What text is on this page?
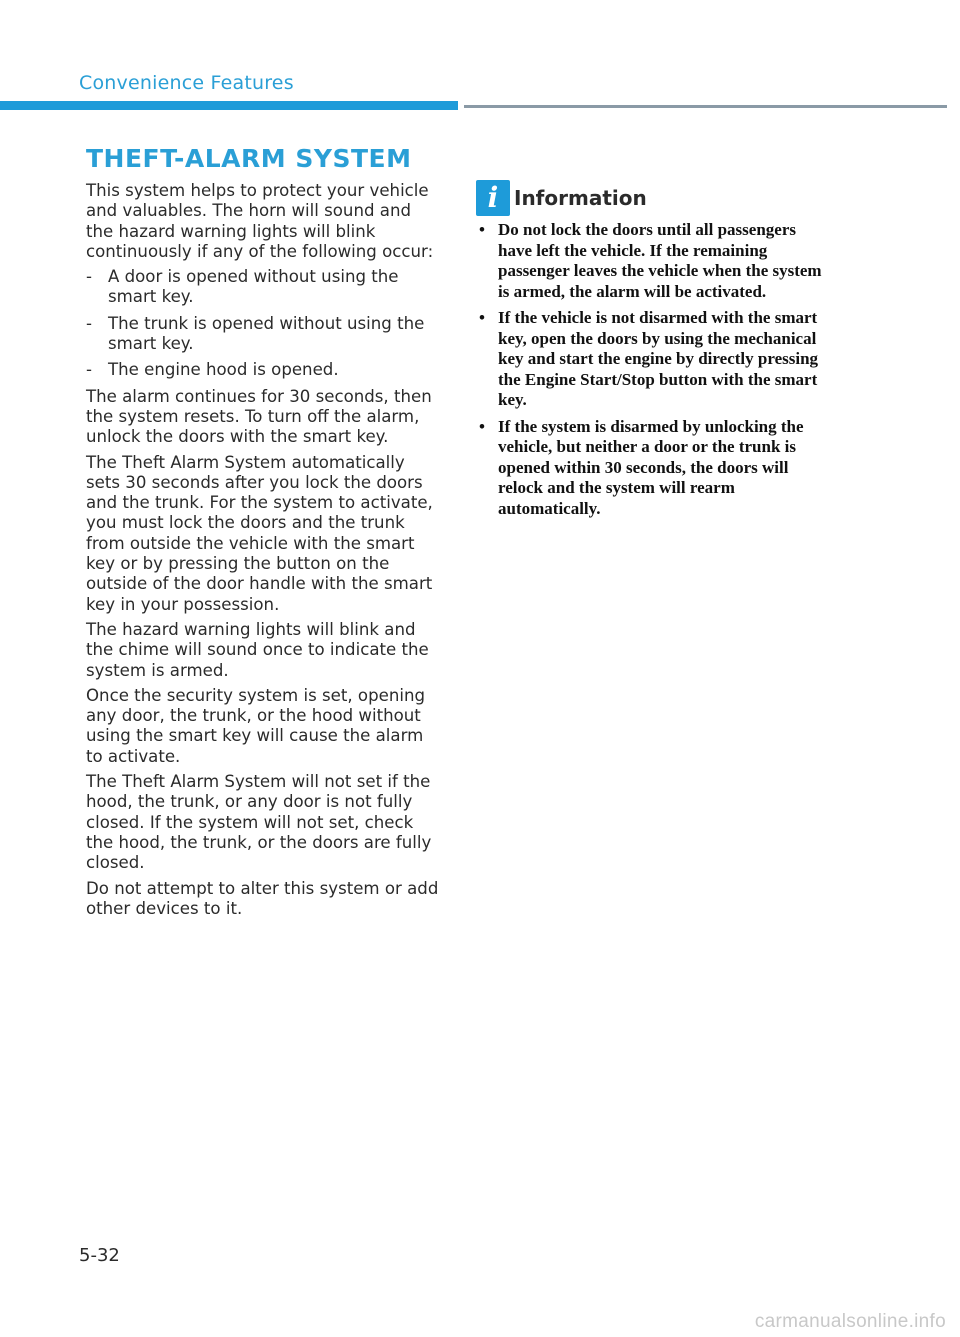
Convenience Features
THEFT-ALARM SYSTEM

This system helps to protect your vehicle and valuables. The horn will sound and the hazard warning lights will blink continuously if any of the following occur:

- A door is opened without using the smart key.
- The trunk is opened without using the smart key.
- The engine hood is opened.

The alarm continues for 30 seconds, then the system resets. To turn off the alarm, unlock the doors with the smart key.

The Theft Alarm System automatically sets 30 seconds after you lock the doors and the trunk. For the system to activate, you must lock the doors and the trunk from outside the vehicle with the smart key or by pressing the button on the outside of the door handle with the smart key in your possession.

The hazard warning lights will blink and the chime will sound once to indicate the system is armed.

Once the security system is set, opening any door, the trunk, or the hood without using the smart key will cause the alarm to activate.

The Theft Alarm System will not set if the hood, the trunk, or any door is not fully closed. If the system will not set, check the hood, the trunk, or the doors are fully closed.

Do not attempt to alter this system or add other devices to it.

i Information
• Do not lock the doors until all passengers have left the vehicle. If the remaining passenger leaves the vehicle when the system is armed, the alarm will be activated.
• If the vehicle is not disarmed with the smart key, open the doors by using the mechanical key and start the engine by directly pressing the Engine Start/Stop button with the smart key.
• If the system is disarmed by unlocking the vehicle, but neither a door or the trunk is opened within 30 seconds, the doors will relock and the system will rearm automatically.
5-32
carmanualsonline.info
